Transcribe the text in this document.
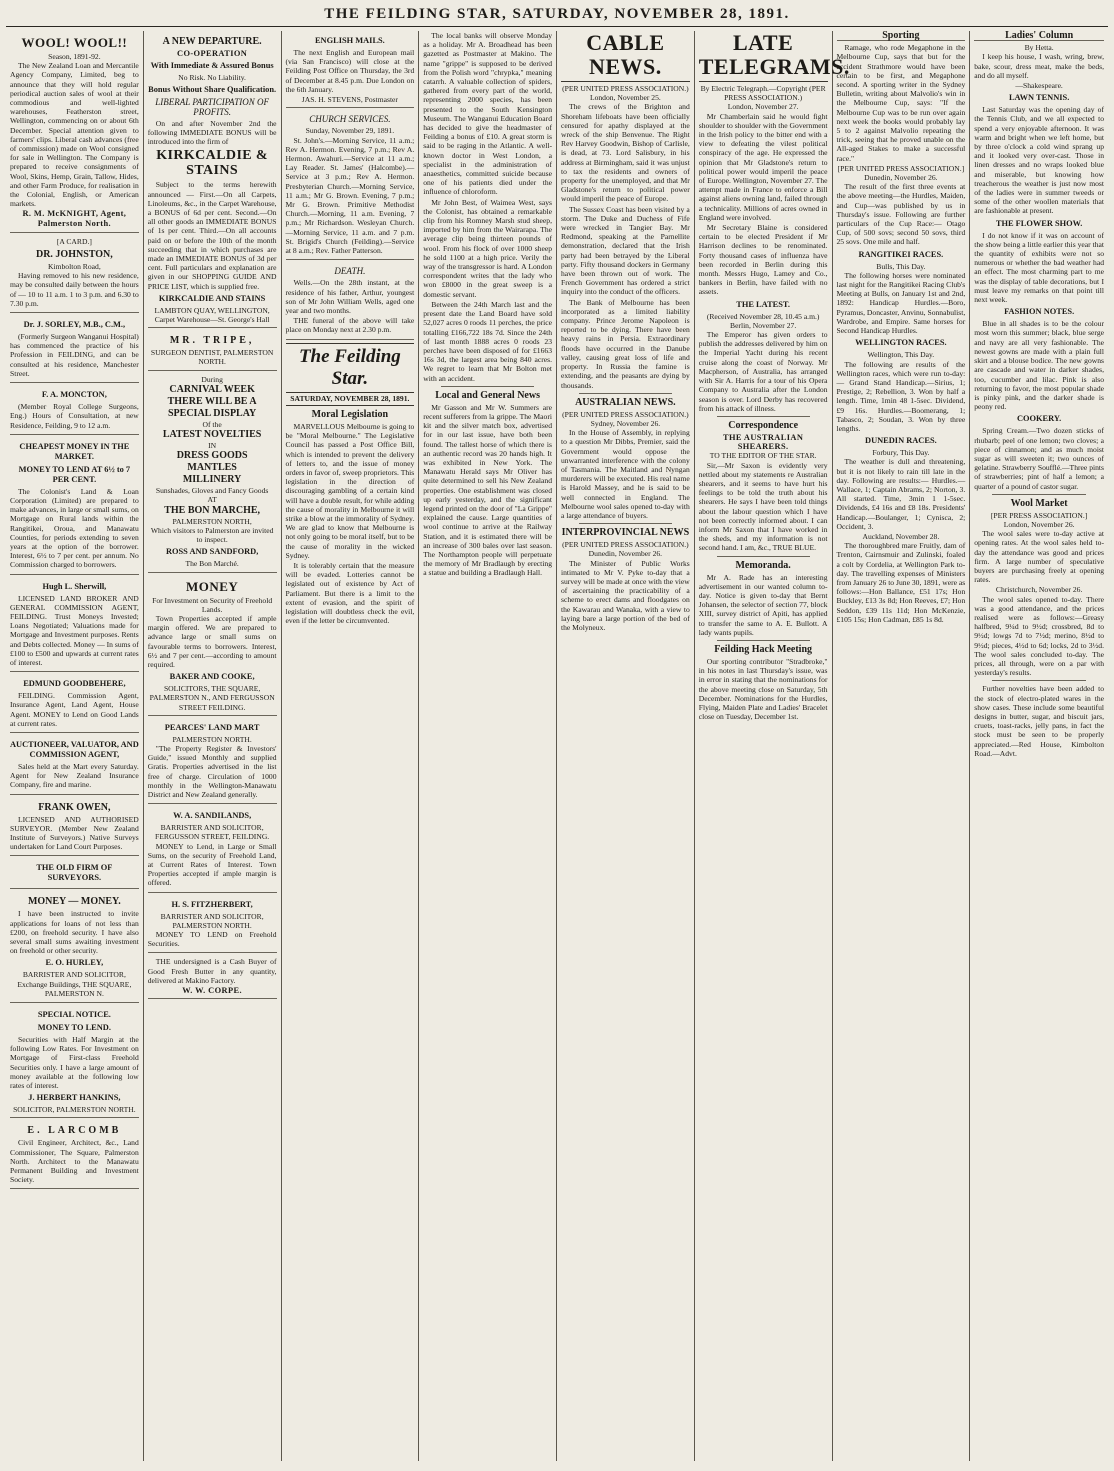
THE FEILDING STAR, SATURDAY, NOVEMBER 28, 1891.
WOOL! WOOL!!
Season, 1891-92.

The New Zealand Loan and Mercantile Agency Company, Limited, beg to announce that they will hold regular periodical auction sales of wool at their commodious and well-lighted warehouses, Featherston street, Wellington, commencing on or about 6th December. Special attention given to farmers' clips. Liberal cash advances (free of commission) made on Wool consigned for sale in Wellington. The Company is prepared to receive consignments of Wool, Skins, Hemp, Grain, Tallow, Hides, and other Farm Produce, for realisation in the Colonial, English, or American markets.

R. M. McKNIGHT, Agent, Palmerston North.

[A CARD.]
DR. JOHNSTON,
Kimbolton Road,

Having removed to his new residence, may be consulted daily between the hours of — 10 to 11 a.m. 1 to 3 p.m. and 6.30 to 7.30 p.m.

Dr. J. SORLEY, M.B., C.M.,

(Formerly Surgeon Wanganui Hospital) has commenced the practice of his Profession in FEILDING, and can be consulted at his residence, Manchester Street.

F. A. MONCTON,

(Member Royal College Surgeons, Eng.) Hours of Consultation, at new Residence, Feilding, 9 to 12 a.m.

CHEAPEST MONEY IN THE MARKET.
MONEY TO LEND AT 6½ to 7 PER CENT.

The Colonist's Land & Loan Corporation (Limited) are prepared to make advances, in large or small sums, on Mortgage on Rural lands within the Rangitikei, Oroua, and Manawatu Counties, for periods extending to seven years at the option of the borrower. Interest, 6½ to 7 per cent. per annum. No Commission charged to borrowers.

Hugh L. Sherwill,

LICENSED LAND BROKER AND GENERAL COMMISSION AGENT, FEILDING. Trust Moneys Invested; Loans Negotiated; Valuations made for Mortgage and Investment purposes. Rents and Debts collected. Money — In sums of £100 to £500 and upwards at current rates of interest.

EDMUND GOODBEHERE,

FEILDING. Commission Agent, Insurance Agent, Land Agent, House Agent. MONEY to Lend on Good Lands at current rates.

AUCTIONEER, VALUATOR, AND COMMISSION AGENT,

Sales held at the Mart every Saturday. Agent for New Zealand Insurance Company, fire and marine.

FRANK OWEN,

LICENSED AND AUTHORISED SURVEYOR. (Member New Zealand Institute of Surveyors.) Native Surveys undertaken for Land Court Purposes.

THE OLD FIRM OF SURVEYORS.
MONEY — MONEY.

I have been instructed to invite applications for loans of not less than £200, on freehold security. I have also several small sums awaiting investment on freehold or other security.

E. O. HURLEY,

BARRISTER AND SOLICITOR, Exchange Buildings, THE SQUARE, PALMERSTON N.

SPECIAL NOTICE.
MONEY TO LEND.

Securities with Half Margin at the following Low Rates. For Investment on Mortgage of First-class Freehold Securities only. I have a large amount of money available at the following low rates of interest.

J. HERBERT HANKINS,
SOLICITOR, PALMERSTON NORTH.
E. LARCOMB

Civil Engineer, Architect, &c., Land Commissioner, The Square, Palmerston North. Architect to the Manawatu Permanent Building and Investment Society.

A NEW DEPARTURE.
CO-OPERATION
With Immediate & Assured Bonus
No Risk. No Liability.
Bonus Without Share Qualification.
LIBERAL PARTICIPATION OF PROFITS.

On and after November 2nd the following IMMEDIATE BONUS will be introduced into the firm of

KIRKCALDIE & STAINS

Subject to the terms herewith announced — First.—On all Carpets, Linoleums, &c., in the Carpet Warehouse, a BONUS of 6d per cent. Second.—On all other goods an IMMEDIATE BONUS of 1s per cent. Third.—On all accounts paid on or before the 10th of the month succeeding that in which purchases are made an IMMEDIATE BONUS of 3d per cent. Full particulars and explanation are given in our SHOPPING GUIDE AND PRICE LIST, which is supplied free.

KIRKCALDIE AND STAINS
LAMBTON QUAY, WELLINGTON,
Carpet Warehouse—St. George's Hall
MR. TRIPE,
SURGEON DENTIST, PALMERSTON NORTH.
During
CARNIVAL WEEK
THERE WILL BE A
SPECIAL DISPLAY
Of the
LATEST NOVELTIES
IN
DRESS GOODS
MANTLES
MILLINERY
Sunshades, Gloves and Fancy Goods
AT
THE BON MARCHE,
PALMERSTON NORTH,

Which visitors to Palmerston are invited to inspect.

ROSS AND SANDFORD,
The Bon Marché.
MONEY
For Investment on Security of Freehold Lands.

Town Properties accepted if ample margin offered. We are prepared to advance large or small sums on favourable terms to borrowers. Interest, 6½ and 7 per cent.—according to amount required.

BAKER AND COOKE,
SOLICITORS, THE SQUARE, PALMERSTON N., AND FERGUSSON STREET FEILDING.
PEARCES' LAND MART
PALMERSTON NORTH.

"The Property Register & Investors' Guide," issued Monthly and supplied Gratis. Properties advertised in the list free of charge. Circulation of 1000 monthly in the Wellington-Manawatu District and New Zealand generally.

W. A. SANDILANDS,
BARRISTER AND SOLICITOR, FERGUSSON STREET, FEILDING.

MONEY to Lend, in Large or Small Sums, on the security of Freehold Land, at Current Rates of Interest. Town Properties accepted if ample margin is offered.

H. S. FITZHERBERT,
BARRISTER AND SOLICITOR, PALMERSTON NORTH.

MONEY TO LEND on Freehold Securities.

THE undersigned is a Cash Buyer of Good Fresh Butter in any quantity, delivered at Makino Factory.

W. W. CORPE.
ENGLISH MAILS.

The next English and European mail (via San Francisco) will close at the Feilding Post Office on Thursday, the 3rd of December at 8.45 p.m. Due London on the 6th January.

JAS. H. STEVENS, Postmaster
CHURCH SERVICES.
Sunday, November 29, 1891.

St. John's.—Morning Service, 11 a.m.; Rev A. Hermon. Evening, 7 p.m.; Rev A. Hermon. Awahuri.—Service at 11 a.m.; Lay Reader. St. James' (Halcombe).—Service at 3 p.m.; Rev A. Hermon. Presbyterian Church.—Morning Service, 11 a.m.; Mr G. Brown. Evening, 7 p.m.; Mr G. Brown. Primitive Methodist Church.—Morning, 11 a.m. Evening, 7 p.m.; Mr Richardson. Wesleyan Church.—Morning Service, 11 a.m. and 7 p.m. St. Brigid's Church (Feilding).—Service at 8 a.m.; Rev. Father Patterson.

DEATH.

Wells.—On the 28th instant, at the residence of his father, Arthur, youngest son of Mr John William Wells, aged one year and two months.

THE funeral of the above will take place on Monday next at 2.30 p.m.

The Feilding Star.
SATURDAY, NOVEMBER 28, 1891.
Moral Legislation

MARVELLOUS Melbourne is going to be "Moral Melbourne." The Legislative Council has passed a Post Office Bill, which is intended to prevent the delivery of letters to, and the issue of money orders in favor of, sweep proprietors. This legislation in the direction of discouraging gambling of a certain kind will have a double result, for while adding the cause of morality in Melbourne it will strike a blow at the immorality of Sydney. We are glad to know that Melbourne is not only going to be moral itself, but to be the cause of morality in the wicked Sydney.

It is tolerably certain that the measure will be evaded. Lotteries cannot be legislated out of existence by Act of Parliament. But there is a limit to the extent of evasion, and the spirit of legislation will doubtless check the evil, even if the letter be circumvented.

The local banks will observe Monday as a holiday. Mr A. Broadhead has been gazetted as Postmaster at Makino. The name "grippe" is supposed to be derived from the Polish word "chrypka," meaning catarrh. A valuable collection of spiders, gathered from every part of the world, representing 2000 species, has been presented to the South Kensington Museum. The Wanganui Education Board has decided to give the headmaster of Feilding a bonus of £10. A great storm is said to be raging in the Atlantic. A well-known doctor in West London, a specialist in the administration of anaesthetics, committed suicide because one of his patients died under the influence of chloroform.

Mr John Best, of Waimea West, says the Colonist, has obtained a remarkable clip from his Romney Marsh stud sheep, imported by him from the Wairarapa. The average clip being thirteen pounds of wool. From his flock of over 1000 sheep he sold 1100 at a high price. Verily the way of the transgressor is hard. A London correspondent writes that the lady who won £8000 in the great sweep is a domestic servant.

Between the 24th March last and the present date the Land Board have sold 52,027 acres 0 roods 11 perches, the price totalling £166,722 18s 7d. Since the 24th of last month 1888 acres 0 roods 23 perches have been disposed of for £1663 16s 3d, the largest area being 840 acres. We regret to learn that Mr Bolton met with an accident.

Local and General News

Mr Gasson and Mr W. Summers are recent sufferers from la grippe. The Maori kit and the silver match box, advertised for in our last issue, have both been found. The tallest horse of which there is an authentic record was 20 hands high. It was exhibited in New York. The Manawatu Herald says Mr Oliver has quite determined to sell his New Zealand properties. One establishment was closed up early yesterday, and the significant legend printed on the door of "La Grippe" explained the cause. Large quantities of wool continue to arrive at the Railway Station, and it is estimated there will be an increase of 300 bales over last season. The Northampton people will perpetuate the memory of Mr Bradlaugh by erecting a statue and building a Bradlaugh Hall.

CABLE NEWS.
(PER UNITED PRESS ASSOCIATION.)
London, November 25.

The crews of the Brighton and Shoreham lifeboats have been officially censured for apathy displayed at the wreck of the ship Benvenue. The Right Rev Harvey Goodwin, Bishop of Carlisle, is dead, at 73. Lord Salisbury, in his address at Birmingham, said it was unjust to tax the residents and owners of property for the unemployed, and that Mr Gladstone's return to political power would imperil the peace of Europe.

The Sussex Coast has been visited by a storm. The Duke and Duchess of Fife were wrecked in Tangier Bay. Mr Redmond, speaking at the Parnellite demonstration, declared that the Irish party had been betrayed by the Liberal party. Fifty thousand dockers in Germany have been thrown out of work. The French Government has ordered a strict inquiry into the conduct of the officers.

The Bank of Melbourne has been incorporated as a limited liability company. Prince Jerome Napoleon is reported to be dying. There have been heavy rains in Persia. Extraordinary floods have occurred in the Danube valley, causing great loss of life and property. In Russia the famine is extending, and the peasants are dying by thousands.

AUSTRALIAN NEWS.
(PER UNITED PRESS ASSOCIATION.)
Sydney, November 26.

In the House of Assembly, in replying to a question Mr Dibbs, Premier, said the Government would oppose the unwarranted interference with the colony of Tasmania. The Maitland and Nyngan murderers will be executed. His real name is Harold Massey, and he is said to be well connected in England. The Melbourne wool sales opened to-day with a large attendance of buyers.

INTERPROVINCIAL NEWS
(PER UNITED PRESS ASSOCIATION.)
Dunedin, November 26.

The Minister of Public Works intimated to Mr V. Pyke to-day that a survey will be made at once with the view of ascertaining the practicability of a scheme to erect dams and floodgates on the Kawarau and Wanaka, with a view to laying bare a large portion of the bed of the Molyneux.

LATE TELEGRAMS.
By Electric Telegraph.—Copyright (PER PRESS ASSOCIATION.)
London, November 27.

Mr Chamberlain said he would fight shoulder to shoulder with the Government in the Irish policy to the bitter end with a view to defeating the vilest political conspiracy of the age. He expressed the opinion that Mr Gladstone's return to political power would imperil the peace of Europe. Wellington, November 27. The attempt made in France to enforce a Bill against aliens owning land, failed through a technicality. Millions of acres owned in England were involved.

Mr Secretary Blaine is considered certain to be elected President if Mr Harrison declines to be renominated. Forty thousand cases of influenza have been recorded in Berlin during this month. Messrs Hugo, Lamey and Co., bankers in Berlin, have failed with no assets.

THE LATEST.
(Received November 28, 10.45 a.m.)
Berlin, November 27.

The Emperor has given orders to publish the addresses delivered by him on the Imperial Yacht during his recent cruise along the coast of Norway. Mr Macpherson, of Australia, has arranged with Sir A. Harris for a tour of his Opera Company to Australia after the London season is over. Lord Derby has recovered from his attack of illness.

Correspondence
THE AUSTRALIAN SHEARERS.
TO THE EDITOR OF THE STAR.

Sir,—Mr Saxon is evidently very nettled about my statements re Australian shearers, and it seems to have hurt his feelings to be told the truth about his shearers. He says I have been told things about the labour question which I have not been correctly informed about. I can inform Mr Saxon that I have worked in the sheds, and my information is not second hand. I am, &c., TRUE BLUE.

Memoranda.

Mr A. Rade has an interesting advertisement in our wanted column to-day. Notice is given to-day that Bernt Johansen, the selector of section 77, block XIII, survey district of Apiti, has applied to transfer the same to A. E. Bullott. A lady wants pupils.

Feilding Hack Meeting

Our sporting contributor "Stradbroke," in his notes in last Thursday's issue, was in error in stating that the nominations for the above meeting close on Saturday, 5th December. Nominations for the Hurdles, Flying, Maiden Plate and Ladies' Bracelet close on Tuesday, December 1st.

Sporting

Ramage, who rode Megaphone in the Melbourne Cup, says that but for the accident Strathmore would have been certain to be first, and Megaphone second. A sporting writer in the Sydney Bulletin, writing about Malvolio's win in the Melbourne Cup, says: "If the Melbourne Cup was to be run over again next week the books would probably lay 5 to 2 against Malvolio repeating the trick, seeing that he proved unable on the All-aged Stakes to make a successful race."

[PER UNITED PRESS ASSOCIATION.]
Dunedin, November 26.

The result of the first three events at the above meeting—the Hurdles, Maiden, and Cup—was published by us in Thursday's issue. Following are further particulars of the Cup Race:— Otago Cup, of 500 sovs; second 50 sovs, third 25 sovs. One mile and half.

RANGITIKEI RACES.
Bulls, This Day.

The following horses were nominated last night for the Rangitikei Racing Club's Meeting at Bulls, on January 1st and 2nd, 1892: Handicap Hurdles.—Boro, Pyramus, Doncaster, Anvinu, Sonnabulist, Wardrobe, and Empire. Same horses for Second Handicap Hurdles.

WELLINGTON RACES.
Wellington, This Day.

The following are results of the Wellington races, which were run to-day:— Grand Stand Handicap.—Sirius, 1; Prestige, 2; Rebellion, 3. Won by half a length. Time, 1min 48 1-5sec. Dividend, £9 16s. Hurdles.—Boomerang, 1; Tabasco, 2; Soudan, 3. Won by three lengths.

DUNEDIN RACES.
Forbury, This Day.

The weather is dull and threatening, but it is not likely to rain till late in the day. Following are results:— Hurdles.—Wallace, 1; Captain Abrams, 2; Norton, 3. All started. Time, 3min 1 1-5sec. Dividends, £4 16s and £8 18s. Presidents' Handicap.—Boulanger, 1; Cynisca, 2; Occident, 3.

Auckland, November 28.

The thoroughbred mare Fruitly, dam of Trenton, Cairnsmuir and Zulinski, foaled a colt by Cordelia, at Wellington Park to-day. The travelling expenses of Ministers from January 26 to June 30, 1891, were as follows:—Hon Ballance, £51 17s; Hon Buckley, £13 3s 8d; Hon Reeves, £7; Hon Seddon, £39 11s 11d; Hon McKenzie, £105 15s; Hon Cadman, £85 1s 8d.

Ladies' Column
By Hetta.

I keep his house, I wash, wring, brew, bake, scour, dress meat, make the beds, and do all myself.

—Shakespeare.
LAWN TENNIS.

Last Saturday was the opening day of the Tennis Club, and we all expected to spend a very enjoyable afternoon. It was warm and bright when we left home, but by three o'clock a cold wind sprang up and it looked very over-cast. Those in linen dresses and no wraps looked blue and miserable, but knowing how treacherous the weather is just now most of the ladies were in summer tweeds or some of the other woollen materials that are fashionable at present.

THE FLOWER SHOW.

I do not know if it was on account of the show being a little earlier this year that the quantity of exhibits were not so numerous or whether the bad weather had an effect. The most charming part to me was the display of table decorations, but I must leave my remarks on that point till next week.

FASHION NOTES.

Blue in all shades is to be the colour most worn this summer; black, blue serge and navy are all very fashionable. The newest gowns are made with a plain full skirt and a blouse bodice. The new gowns are cascade and water in darker shades, too, cucumber and lilac. Pink is also returning to favor, the most popular shade is pinky pink, and the darker shade is peony red.

COOKERY.

Spring Cream.—Two dozen sticks of rhubarb; peel of one lemon; two cloves; a piece of cinnamon; and as much moist sugar as will sweeten it; two ounces of gelatine. Strawberry Soufflé.—Three pints of strawberries; pint of half a lemon; a quarter of a pound of castor sugar.

Wool Market
[PER PRESS ASSOCIATION.]
London, November 26.

The wool sales were to-day active at opening rates. At the wool sales held to-day the attendance was good and prices firm. A large number of speculative buyers are purchasing freely at opening rates.

Christchurch, November 26.

The wool sales opened to-day. There was a good attendance, and the prices realised were as follows:—Greasy halfbred, 9¼d to 9½d; crossbred, 8d to 9½d; lowgs 7d to 7½d; merino, 8½d to 9½d; pieces, 4½d to 6d; locks, 2d to 3½d. The wool sales concluded to-day. The prices, all through, were on a par with yesterday's results.

Further novelties have been added to the stock of electro-plated wares in the show cases. These include some beautiful designs in butter, sugar, and biscuit jars, cruets, toast-racks, jelly pans, in fact the stock must be seen to be properly appreciated.—Red House, Kimbolton Road.—Advt.
